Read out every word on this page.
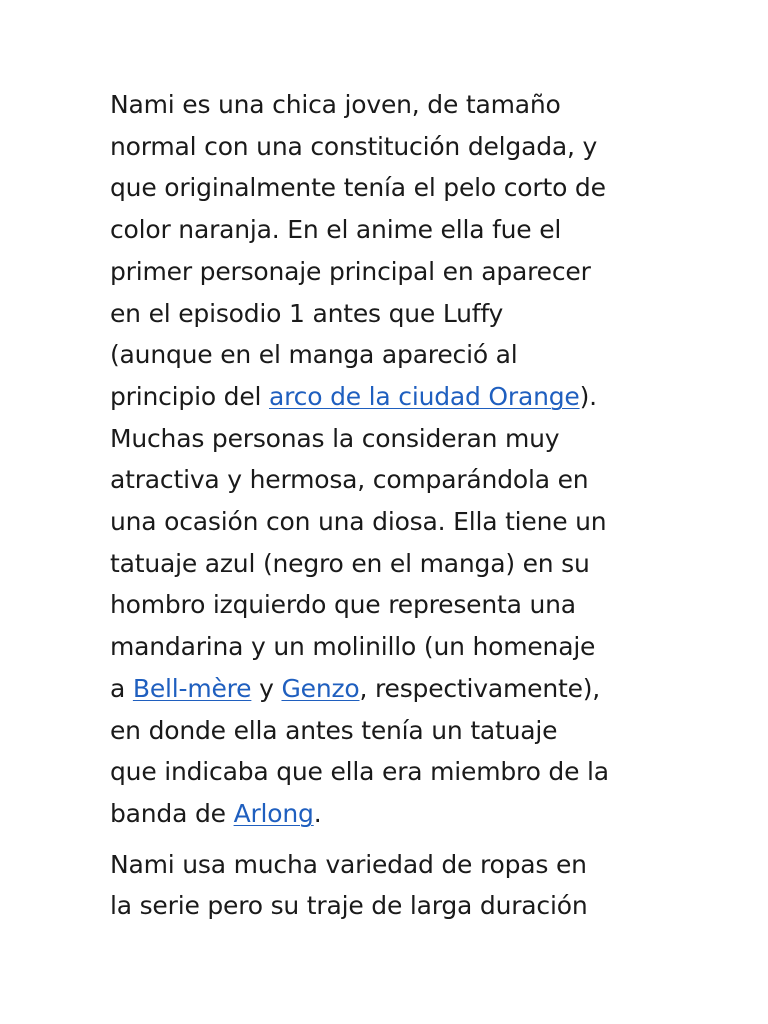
Nami es una chica joven, de tamaño
normal con una constitución delgada, y
que originalmente tenía el pelo corto de
color naranja. En el anime ella fue el
primer personaje principal en aparecer
en el episodio 1 antes que Luffy
(aunque en el manga apareció al
principio del arco de la ciudad Orange).
Muchas personas la consideran muy
atractiva y hermosa, comparándola en
una ocasión con una diosa. Ella tiene un
tatuaje azul (negro en el manga) en su
hombro izquierdo que representa una
mandarina y un molinillo (un homenaje
a Bell-mère y Genzo, respectivamente),
en donde ella antes tenía un tatuaje
que indicaba que ella era miembro de la
banda de Arlong.

Nami usa mucha variedad de ropas en
la serie pero su traje de larga duración
